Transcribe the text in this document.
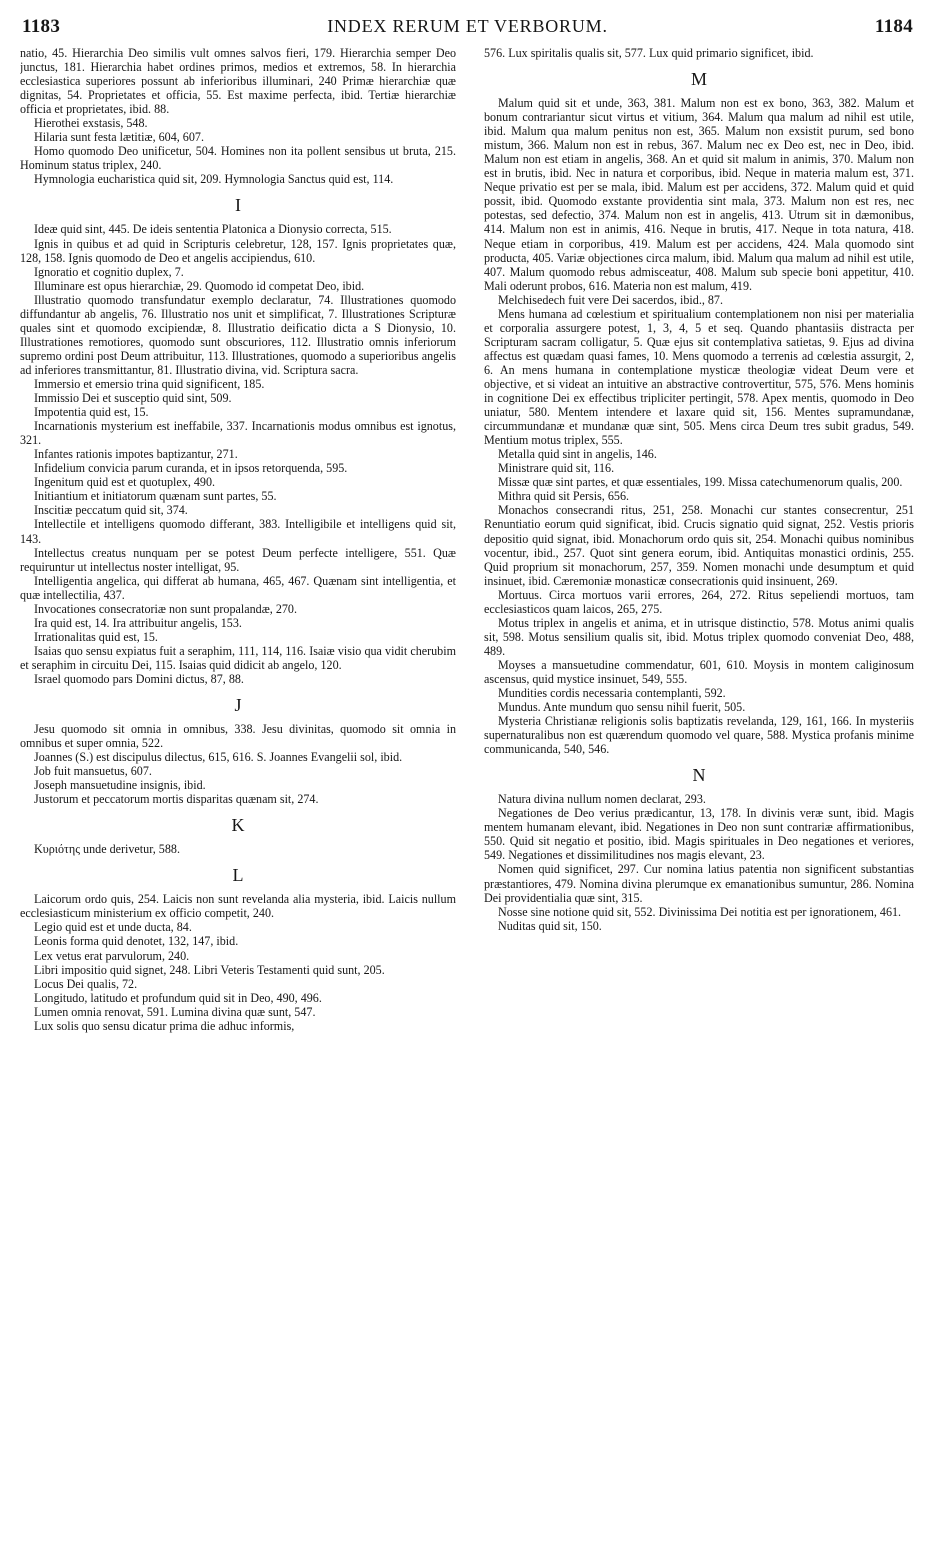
1183	INDEX RERUM ET VERBORUM.	1184

natio, 45. Hierarchia Deo similis vult omnes salvos fieri, 179. Hierarchia semper Deo junctus, 181. Hierarchia habet ordines primos, medios et extremos, 58. In hierarchia ecclesiastica superiores possunt ab inferioribus illuminari, 240 Primæ hierarchiæ quæ dignitas, 54. Proprietates et officia, 55. Est maxime perfecta, ibid. Tertiæ hierarchiæ officia et proprietates, ibid. 88.

Hierothei exstasis, 548.

Hilaria sunt festa lætitiæ, 604, 607.

Homo quomodo Deo unificetur, 504. Homines non ita pollent sensibus ut bruta, 215. Hominum status triplex, 240.

Hymnologia eucharistica quid sit, 209. Hymnologia Sanctus quid est, 114.

I

Ideæ quid sint, 445. De ideis sententia Platonica a Dionysio correcta, 515.

Ignis in quibus et ad quid in Scripturis celebretur, 128, 157. Ignis proprietates quæ, 128, 158. Ignis quomodo de Deo et angelis accipiendus, 610.

Ignoratio et cognitio duplex, 7.

Illuminare est opus hierarchiæ, 29. Quomodo id competat Deo, ibid.

Illustratio quomodo transfundatur exemplo declaratur, 74. Illustrationes quomodo diffundantur ab angelis, 76. Illustratio nos unit et simplificat, 7. Illustrationes Scripturæ quales sint et quomodo excipiendæ, 8. Illustratio deificatio dicta a S Dionysio, 10. Illustrationes remotiores, quomodo sunt obscuriores, 112. Illustratio omnis inferiorum supremo ordini post Deum attribuitur, 113. Illustrationes, quomodo a superioribus angelis ad inferiores transmittantur, 81. Illustratio divina, vid. Scriptura sacra.

Immersio et emersio trina quid significent, 185.

Immissio Dei et susceptio quid sint, 509.

Impotentia quid est, 15.

Incarnationis mysterium est ineffabile, 337. Incarnationis modus omnibus est ignotus, 321.

Infantes rationis impotes baptizantur, 271.

Infidelium convicia parum curanda, et in ipsos retorquenda, 595.

Ingenitum quid est et quotuplex, 490.

Initiantium et initiatorum quænam sunt partes, 55.

Inscitiæ peccatum quid sit, 374.

Intellectile et intelligens quomodo differant, 383. Intelligibile et intelligens quid sit, 143.

Intellectus creatus nunquam per se potest Deum perfecte intelligere, 551. Quæ requiruntur ut intellectus noster intelligat, 95.

Intelligentia angelica, qui differat ab humana, 465, 467. Quænam sint intelligentia, et quæ intellectilia, 437.

Invocationes consecratoriæ non sunt propalandæ, 270.

Ira quid est, 14. Ira attribuitur angelis, 153.

Irrationalitas quid est, 15.

Isaias quo sensu expiatus fuit a seraphim, 111, 114, 116. Isaiæ visio qua vidit cherubim et seraphim in circuitu Dei, 115. Isaias quid didicit ab angelo, 120.

Israel quomodo pars Domini dictus, 87, 88.

J

Jesu quomodo sit omnia in omnibus, 338. Jesu divinitas, quomodo sit omnia in omnibus et super omnia, 522.

Joannes (S.) est discipulus dilectus, 615, 616. S. Joannes Evangelii sol, ibid.

Job fuit mansuetus, 607.

Joseph mansuetudine insignis, ibid.

Justorum et peccatorum mortis disparitas quænam sit, 274.

K

Κυριότης unde derivetur, 588.

L

Laicorum ordo quis, 254. Laicis non sunt revelanda alia mysteria, ibid. Laicis nullum ecclesiasticum ministerium ex officio competit, 240.

Legio quid est et unde ducta, 84.

Leonis forma quid denotet, 132, 147, ibid.

Lex vetus erat parvulorum, 240.

Libri impositio quid signet, 248. Libri Veteris Testamenti quid sunt, 205.

Locus Dei qualis, 72.

Longitudo, latitudo et profundum quid sit in Deo, 490, 496.

Lumen omnia renovat, 591. Lumina divina quæ sunt, 547.

Lux solis quo sensu dicatur prima die adhuc informis,

576. Lux spiritalis qualis sit, 577. Lux quid primario significet, ibid.

M

Malum quid sit et unde, 363, 381. Malum non est ex bono, 363, 382. Malum et bonum contrariantur sicut virtus et vitium, 364. Malum qua malum ad nihil est utile, ibid. Malum qua malum penitus non est, 365. Malum non exsistit purum, sed bono mistum, 366. Malum non est in rebus, 367. Malum nec ex Deo est, nec in Deo, ibid. Malum non est etiam in angelis, 368. An et quid sit malum in animis, 370. Malum non est in brutis, ibid. Nec in natura et corporibus, ibid. Neque in materia malum est, 371. Neque privatio est per se mala, ibid. Malum est per accidens, 372. Malum quid et quid possit, ibid. Quomodo exstante providentia sint mala, 373. Malum non est res, nec potestas, sed defectio, 374. Malum non est in angelis, 413. Utrum sit in dæmonibus, 414. Malum non est in animis, 416. Neque in brutis, 417. Neque in tota natura, 418. Neque etiam in corporibus, 419. Malum est per accidens, 424. Mala quomodo sint producta, 405. Variæ objectiones circa malum, ibid. Malum qua malum ad nihil est utile, 407. Malum quomodo rebus admisceatur, 408. Malum sub specie boni appetitur, 410. Mali oderunt probos, 616. Materia non est malum, 419.

Melchisedech fuit vere Dei sacerdos, ibid., 87.

Mens humana ad cœlestium et spiritualium contemplationem non nisi per materialia et corporalia assurgere potest, 1, 3, 4, 5 et seq. Quando phantasiis distracta per Scripturam sacram colligatur, 5. Quæ ejus sit contemplativa satietas, 9. Ejus ad divina affectus est quædam quasi fames, 10. Mens quomodo a terrenis ad cœlestia assurgit, 2, 6. An mens humana in contemplatione mysticæ theologiæ videat Deum vere et objective, et si videat an intuitive an abstractive controvertitur, 575, 576. Mens hominis in cognitione Dei ex effectibus tripliciter pertingit, 578. Apex mentis, quomodo in Deo uniatur, 580. Mentem intendere et laxare quid sit, 156. Mentes supramundanæ, circummundanæ et mundanæ quæ sint, 505. Mens circa Deum tres subit gradus, 549. Mentium motus triplex, 555.

Metalla quid sint in angelis, 146.

Ministrare quid sit, 116.

Missæ quæ sint partes, et quæ essentiales, 199. Missa catechumenorum qualis, 200.

Mithra quid sit Persis, 656.

Monachos consecrandi ritus, 251, 258. Monachi cur stantes consecrentur, 251 Renuntiatio eorum quid significat, ibid. Crucis signatio quid signat, 252. Vestis prioris depositio quid signat, ibid. Monachorum ordo quis sit, 254. Monachi quibus nominibus vocentur, ibid., 257. Quot sint genera eorum, ibid. Antiquitas monastici ordinis, 255. Quid proprium sit monachorum, 257, 359. Nomen monachi unde desumptum et quid insinuet, ibid. Cæremoniæ monasticæ consecrationis quid insinuent, 269.

Mortuus. Circa mortuos varii errores, 264, 272. Ritus sepeliendi mortuos, tam ecclesiasticos quam laicos, 265, 275.

Motus triplex in angelis et anima, et in utrisque distinctio, 578. Motus animi qualis sit, 598. Motus sensilium qualis sit, ibid. Motus triplex quomodo conveniat Deo, 488, 489.

Moyses a mansuetudine commendatur, 601, 610. Moysis in montem caliginosum ascensus, quid mystice insinuet, 549, 555.

Mundities cordis necessaria contemplanti, 592.

Mundus. Ante mundum quo sensu nihil fuerit, 505.

Mysteria Christianæ religionis solis baptizatis revelanda, 129, 161, 166. In mysteriis supernaturalibus non est quærendum quomodo vel quare, 588. Mystica profanis minime communicanda, 540, 546.

N

Natura divina nullum nomen declarat, 293.

Negationes de Deo verius prædicantur, 13, 178. In divinis veræ sunt, ibid. Magis mentem humanam elevant, ibid. Negationes in Deo non sunt contrariæ affirmationibus, 550. Quid sit negatio et positio, ibid. Magis spirituales in Deo negationes et veriores, 549. Negationes et dissimilitudines nos magis elevant, 23.

Nomen quid significet, 297. Cur nomina latius patentia non significent substantias præstantiores, 479. Nomina divina plerumque ex emanationibus sumuntur, 286. Nomina Dei providentialia quæ sint, 315.

Nosse sine notione quid sit, 552. Divinissima Dei notitia est per ignorationem, 461.

Nuditas quid sit, 150.
